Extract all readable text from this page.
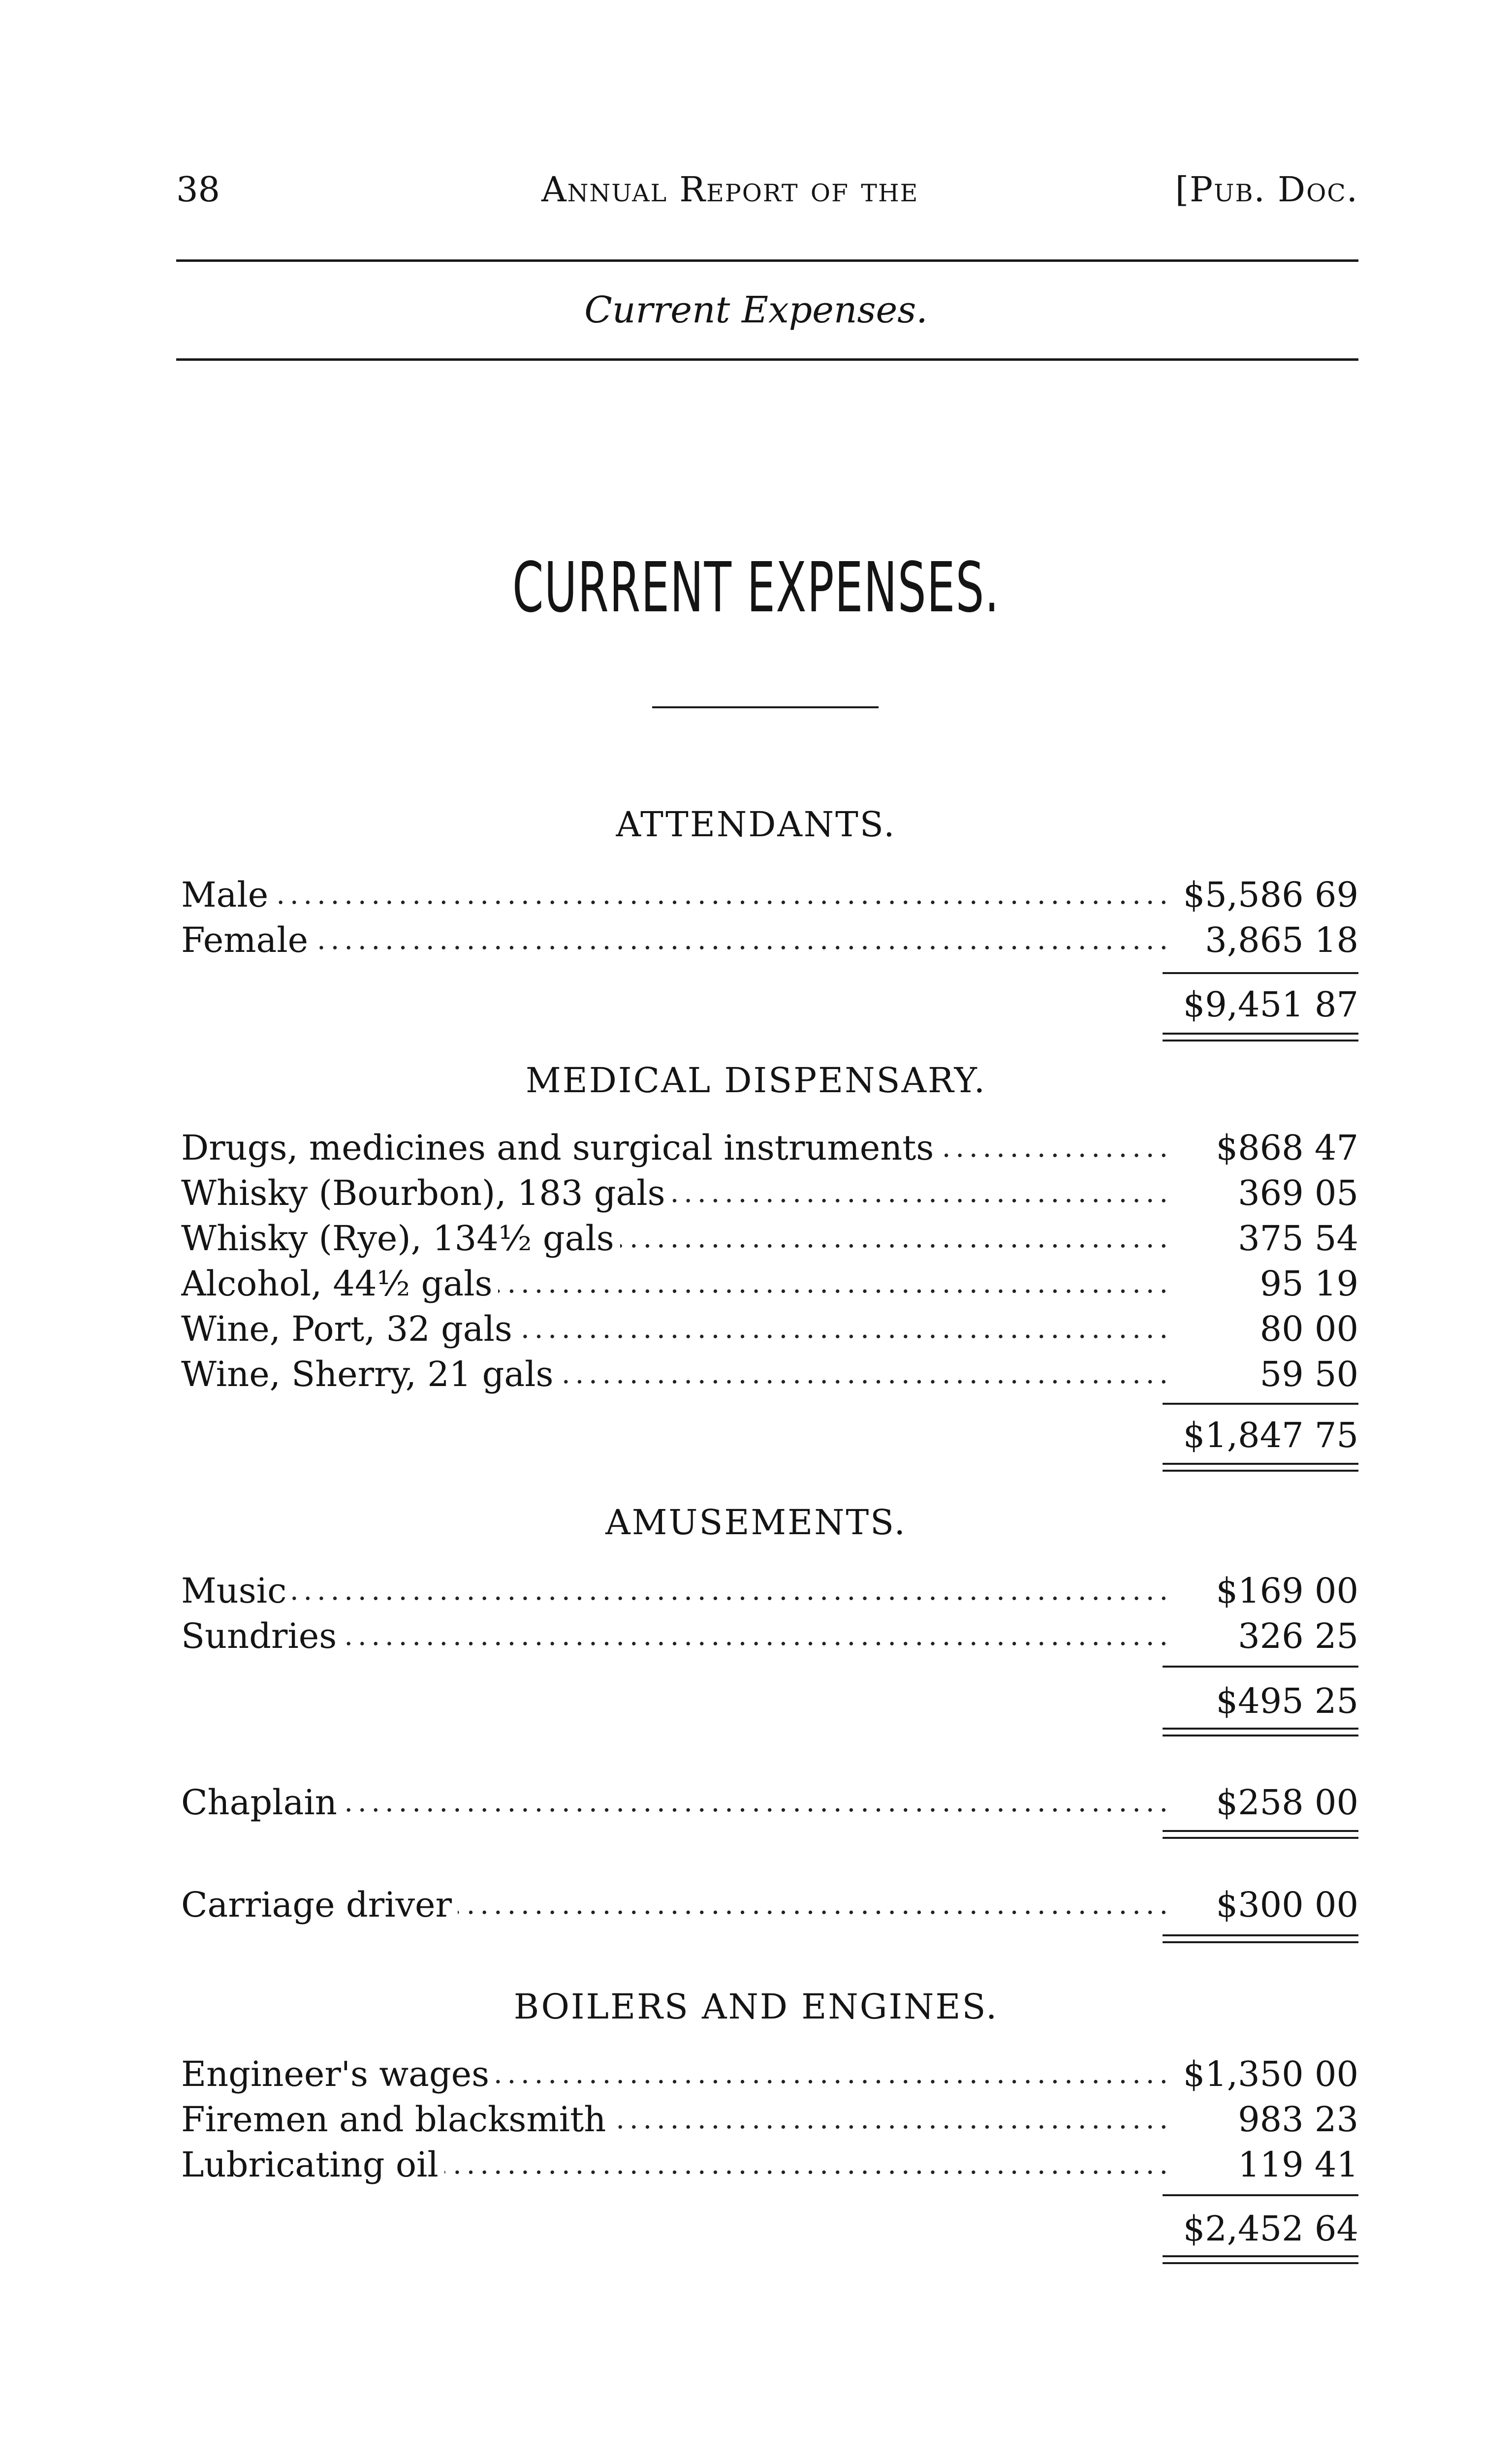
38	Annual Report of the	[Pub. Doc.
Current Expenses.
CURRENT EXPENSES.
ATTENDANTS.
Male . . .	$5,586 69
Female . . .	3,865 18
$9,451 87
MEDICAL DISPENSARY.
Drugs, medicines and surgical instruments . . .	$868 47
Whisky (Bourbon), 183 gals . . .	369 05
Whisky (Rye), 134½ gals . . .	375 54
Alcohol, 44½ gals . . .	95 19
Wine, Port, 32 gals . . .	80 00
Wine, Sherry, 21 gals . . .	59 50
$1,847 75
AMUSEMENTS.
Music . . .	$169 00
Sundries . . .	326 25
$495 25
Chaplain . . .	$258 00
Carriage driver . . .	$300 00
BOILERS AND ENGINES.
Engineer's wages . . .	$1,350 00
Firemen and blacksmith . . .	983 23
Lubricating oil . . .	119 41
$2,452 64
